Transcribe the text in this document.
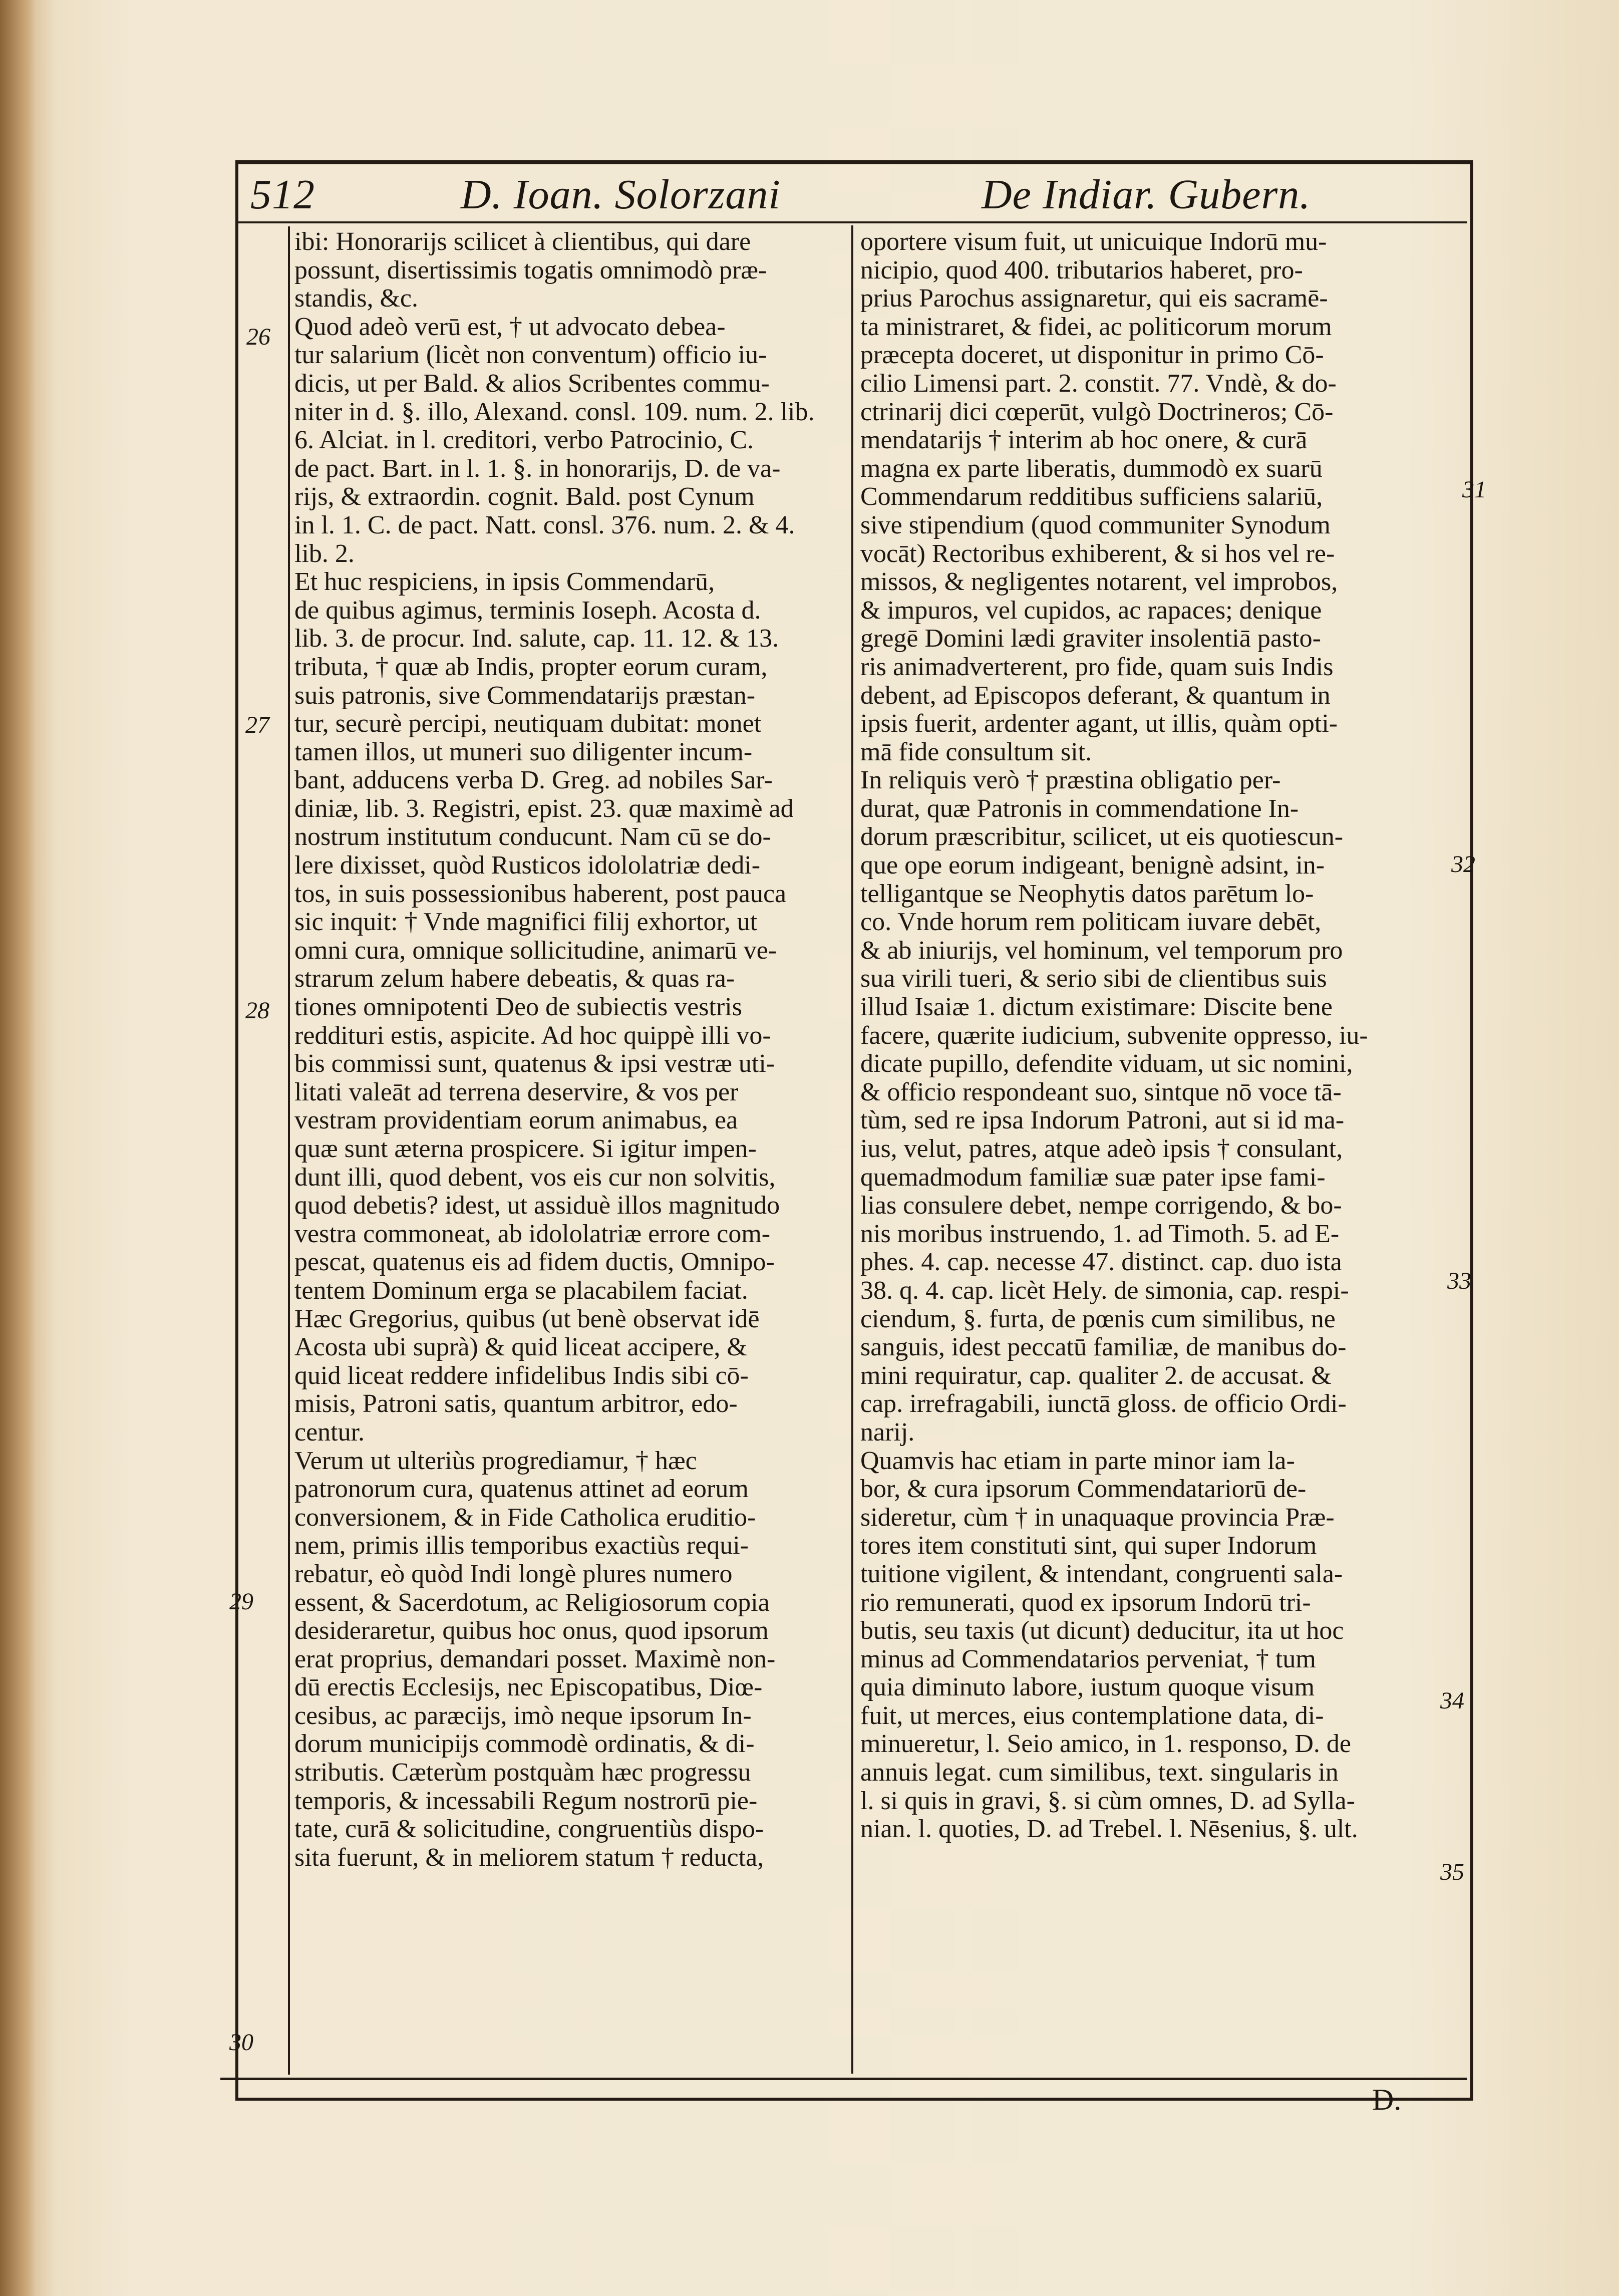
512	D. Ioan. Solorzani	De Indiar. Gubern.
26
27
28
29
30
31
32
33
34
35
ibi: Honorarijs scilicet à clientibus, qui dare
possunt, disertissimis togatis omnimodò præ-
standis, &c.
Quod adeò verū est, † ut advocato debea-
tur salarium (licèt non conventum) officio iu-
dicis, ut per Bald. & alios Scribentes commu-
niter in d. §. illo, Alexand. consl. 109. num. 2. lib.
6. Alciat. in l. creditori, verbo Patrocinio, C.
de pact. Bart. in l. 1. §. in honorarijs, D. de va-
rijs, & extraordin. cognit. Bald. post Cynum
in l. 1. C. de pact. Natt. consl. 376. num. 2. & 4.
lib. 2.
Et huc respiciens, in ipsis Commendarū,
de quibus agimus, terminis Ioseph. Acosta d.
lib. 3. de procur. Ind. salute, cap. 11. 12. & 13.
tributa, † quæ ab Indis, propter eorum curam,
suis patronis, sive Commendatarijs præstan-
tur, securè percipi, neutiquam dubitat: monet
tamen illos, ut muneri suo diligenter incum-
bant, adducens verba D. Greg. ad nobiles Sar-
diniæ, lib. 3. Registri, epist. 23. quæ maximè ad
nostrum institutum conducunt. Nam cū se do-
lere dixisset, quòd Rusticos idololatriæ dedi-
tos, in suis possessionibus haberent, post pauca
sic inquit: † Vnde magnifici filij exhortor, ut
omni cura, omnique sollicitudine, animarū ve-
strarum zelum habere debeatis, & quas ra-
tiones omnipotenti Deo de subiectis vestris
reddituri estis, aspicite. Ad hoc quippè illi vo-
bis commissi sunt, quatenus & ipsi vestræ uti-
litati valeāt ad terrena deservire, & vos per
vestram providentiam eorum animabus, ea
quæ sunt æterna prospicere. Si igitur impen-
dunt illi, quod debent, vos eis cur non solvitis,
quod debetis? idest, ut assiduè illos magnitudo
vestra commoneat, ab idololatriæ errore com-
pescat, quatenus eis ad fidem ductis, Omnipo-
tentem Dominum erga se placabilem faciat.
Hæc Gregorius, quibus (ut benè observat idē
Acosta ubi suprà) & quid liceat accipere, &
quid liceat reddere infidelibus Indis sibi cō-
misis, Patroni satis, quantum arbitror, edo-
centur.
Verum ut ulteriùs progrediamur, † hæc
patronorum cura, quatenus attinet ad eorum
conversionem, & in Fide Catholica eruditio-
nem, primis illis temporibus exactiùs requi-
rebatur, eò quòd Indi longè plures numero
essent, & Sacerdotum, ac Religiosorum copia
desideraretur, quibus hoc onus, quod ipsorum
erat proprius, demandari posset. Maximè non-
dū erectis Ecclesijs, nec Episcopatibus, Diœ-
cesibus, ac paræcijs, imò neque ipsorum In-
dorum municipijs commodè ordinatis, & di-
stributis. Cæterùm postquàm hæc progressu
temporis, & incessabili Regum nostrorū pie-
tate, curā & solicitudine, congruentiùs dispo-
sita fuerunt, & in meliorem statum † reducta,
oportere visum fuit, ut unicuique Indorū mu-
nicipio, quod 400. tributarios haberet, pro-
prius Parochus assignaretur, qui eis sacramē-
ta ministraret, & fidei, ac politicorum morum
præcepta doceret, ut disponitur in primo Cō-
cilio Limensi part. 2. constit. 77. Vndè, & do-
ctrinarij dici cœperūt, vulgò Doctrineros; Cō-
mendatarijs † interim ab hoc onere, & curā
magna ex parte liberatis, dummodò ex suarū
Commendarum redditibus sufficiens salariū,
sive stipendium (quod communiter Synodum
vocāt) Rectoribus exhiberent, & si hos vel re-
missos, & negligentes notarent, vel improbos,
& impuros, vel cupidos, ac rapaces; denique
gregē Domini lædi graviter insolentiā pasto-
ris animadverterent, pro fide, quam suis Indis
debent, ad Episcopos deferant, & quantum in
ipsis fuerit, ardenter agant, ut illis, quàm opti-
mā fide consultum sit.
In reliquis verò † præstina obligatio per-
durat, quæ Patronis in commendatione In-
dorum præscribitur, scilicet, ut eis quotiescun-
que ope eorum indigeant, benignè adsint, in-
telligantque se Neophytis datos parētum lo-
co. Vnde horum rem politicam iuvare debēt,
& ab iniurijs, vel hominum, vel temporum pro
sua virili tueri, & serio sibi de clientibus suis
illud Isaiæ 1. dictum existimare: Discite bene
facere, quærite iudicium, subvenite oppresso, iu-
dicate pupillo, defendite viduam, ut sic nomini,
& officio respondeant suo, sintque nō voce tā-
tùm, sed re ipsa Indorum Patroni, aut si id ma-
ius, velut, patres, atque adeò ipsis † consulant,
quemadmodum familiæ suæ pater ipse fami-
lias consulere debet, nempe corrigendo, & bo-
nis moribus instruendo, 1. ad Timoth. 5. ad E-
phes. 4. cap. necesse 47. distinct. cap. duo ista
38. q. 4. cap. licèt Hely. de simonia, cap. respi-
ciendum, §. furta, de pœnis cum similibus, ne
sanguis, idest peccatū familiæ, de manibus do-
mini requiratur, cap. qualiter 2. de accusat. &
cap. irrefragabili, iunctā gloss. de officio Ordi-
narij.
Quamvis hac etiam in parte minor iam la-
bor, & cura ipsorum Commendatariorū de-
sideretur, cùm † in unaquaque provincia Præ-
tores item constituti sint, qui super Indorum
tuitione vigilent, & intendant, congruenti sala-
rio remunerati, quod ex ipsorum Indorū tri-
butis, seu taxis (ut dicunt) deducitur, ita ut hoc
minus ad Commendatarios perveniat, † tum
quia diminuto labore, iustum quoque visum
fuit, ut merces, eius contemplatione data, di-
minueretur, l. Seio amico, in 1. responso, D. de
annuis legat. cum similibus, text. singularis in
l. si quis in gravi, §. si cùm omnes, D. ad Sylla-
nian. l. quoties, D. ad Trebel. l. Nēsenius, §. ult.
D.
